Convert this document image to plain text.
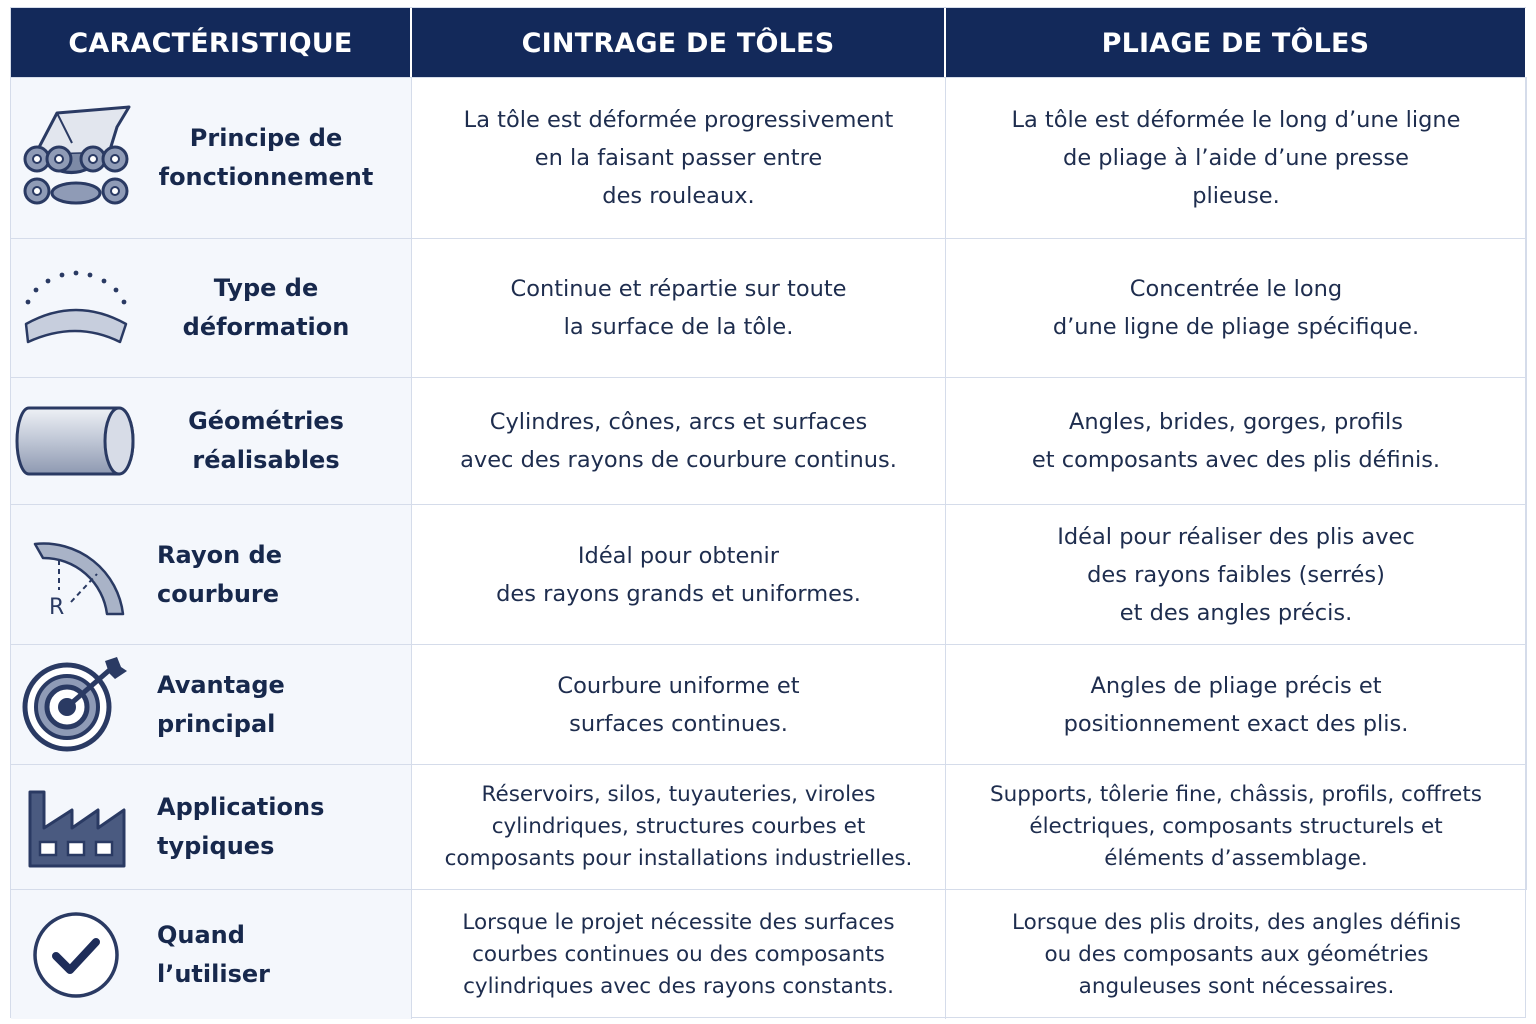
CARACTÉRISTIQUE	CINTRAGE DE TÔLES	PLIAGE DE TÔLES
Principe de
fonctionnement
La tôle est déformée progressivement
en la faisant passer entre
des rouleaux.
La tôle est déformée le long d’une ligne
de pliage à l’aide d’une presse
plieuse.
Type de
déformation
Continue et répartie sur toute
la surface de la tôle.
Concentrée le long
d’une ligne de pliage spécifique.
Géométries
réalisables
Cylindres, cônes, arcs et surfaces
avec des rayons de courbure continus.
Angles, brides, gorges, profils
et composants avec des plis définis.
R
Rayon de
courbure
Idéal pour obtenir
des rayons grands et uniformes.
Idéal pour réaliser des plis avec
des rayons faibles (serrés)
et des angles précis.
Avantage
principal
Courbure uniforme et
surfaces continues.
Angles de pliage précis et
positionnement exact des plis.
Applications
typiques
Réservoirs, silos, tuyauteries, viroles
cylindriques, structures courbes et
composants pour installations industrielles.
Supports, tôlerie fine, châssis, profils, coffrets
électriques, composants structurels et
éléments d’assemblage.
Quand
l’utiliser
Lorsque le projet nécessite des surfaces
courbes continues ou des composants
cylindriques avec des rayons constants.
Lorsque des plis droits, des angles définis
ou des composants aux géométries
anguleuses sont nécessaires.
